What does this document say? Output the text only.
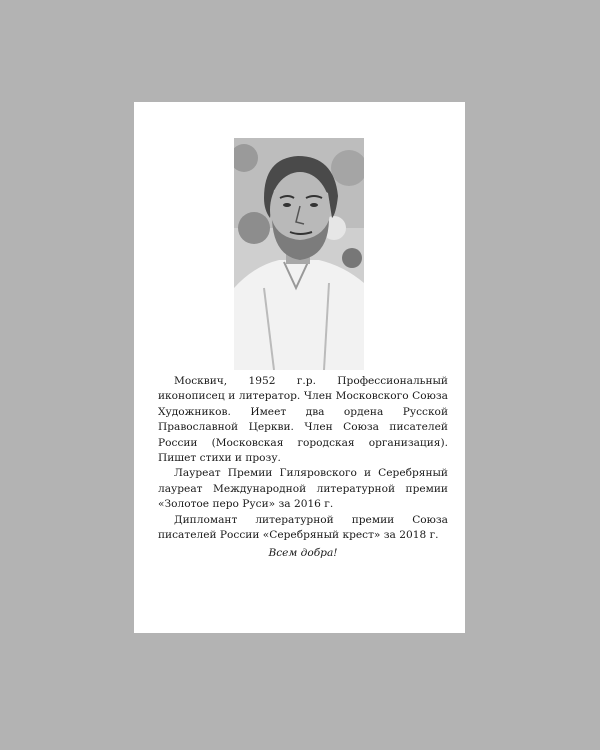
Москвич, 1952 г.р. Профессиональный иконописец и литератор. Член Московского Союза Художников. Имеет два ордена Русской Православной Церкви. Член Союза писателей России (Московская городская организация). Пишет стихи и прозу.

Лауреат Премии Гиляровского и Серебряный лауреат Международной литературной премии «Золотое перо Руси» за 2016 г.

Дипломант литературной премии Союза писателей России «Серебряный крест» за 2018 г.

Всем добра!
